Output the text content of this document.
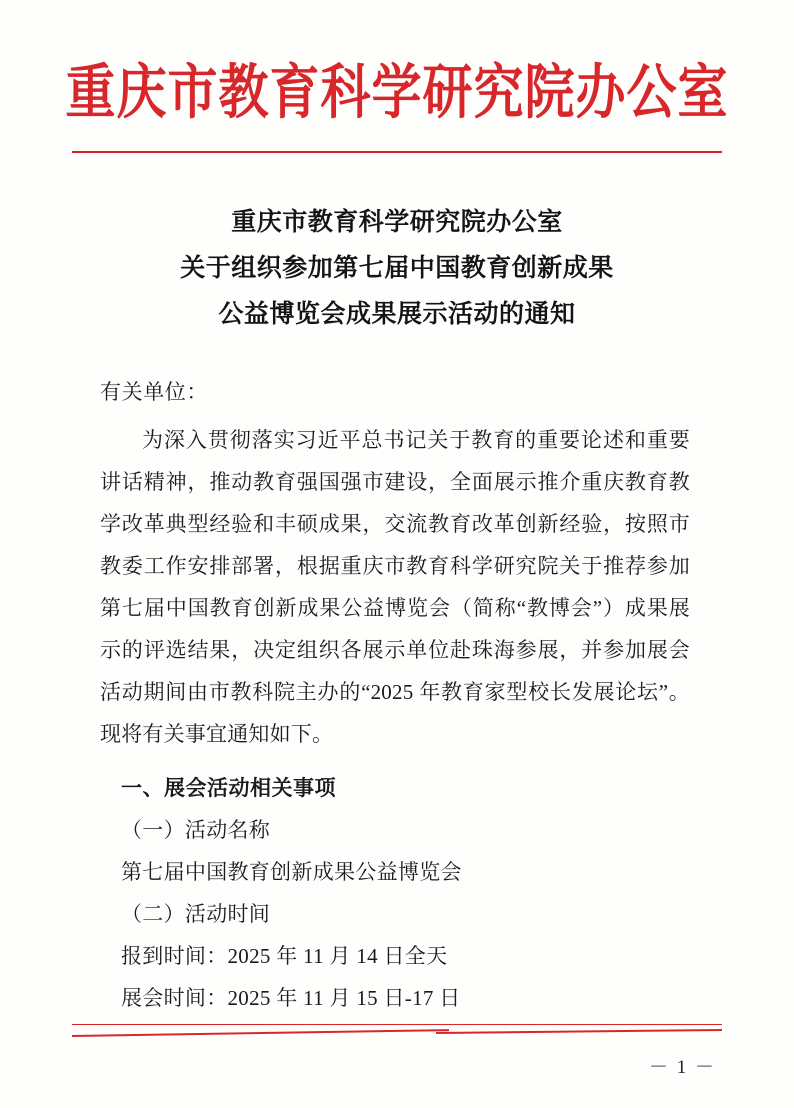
重庆市教育科学研究院办公室
重庆市教育科学研究院办公室
关于组织参加第七届中国教育创新成果
公益博览会成果展示活动的通知
有关单位：
为深入贯彻落实习近平总书记关于教育的重要论述和重要讲话精神，推动教育强国强市建设，全面展示推介重庆教育教学改革典型经验和丰硕成果，交流教育改革创新经验，按照市教委工作安排部署，根据重庆市教育科学研究院关于推荐参加第七届中国教育创新成果公益博览会（简称“教博会”）成果展示的评选结果，决定组织各展示单位赴珠海参展，并参加展会活动期间由市教科院主办的“2025 年教育家型校长发展论坛”。现将有关事宜通知如下。
一、展会活动相关事项
（一）活动名称
第七届中国教育创新成果公益博览会
（二）活动时间
报到时间：2025 年 11 月 14 日全天
展会时间：2025 年 11 月 15 日-17 日
－ 1 －
